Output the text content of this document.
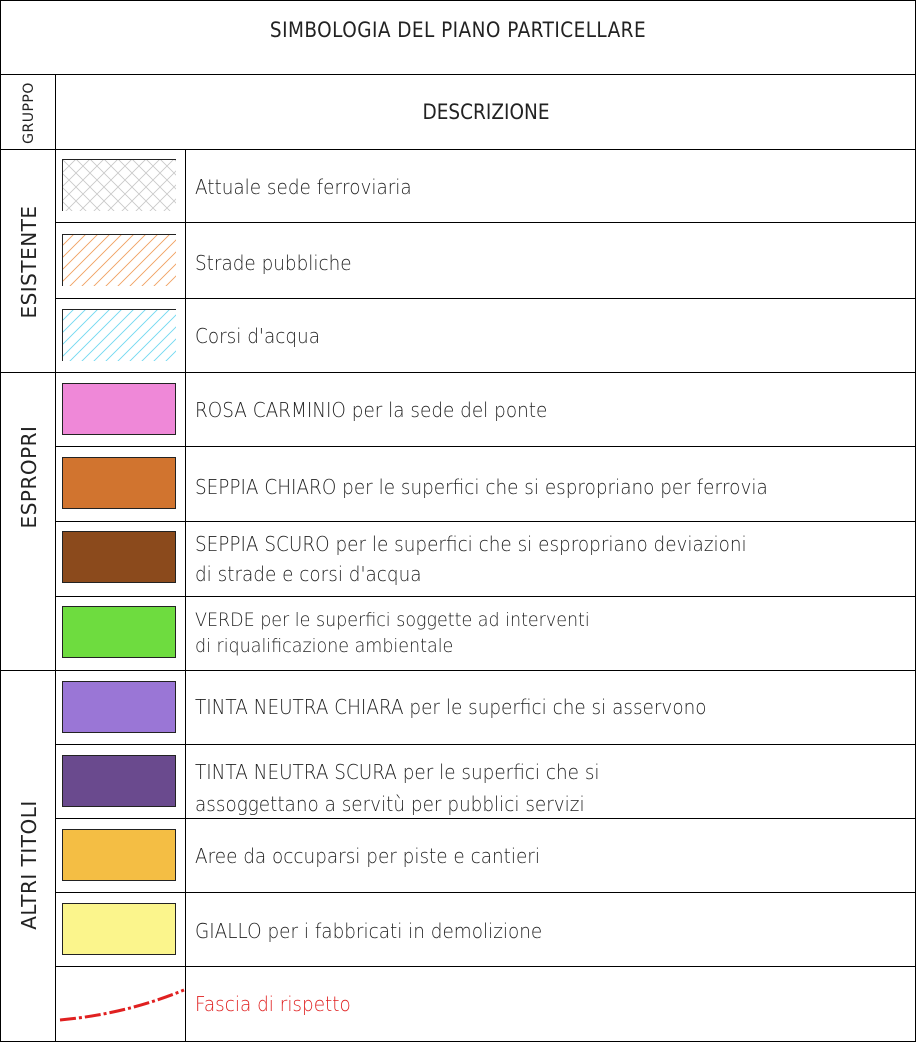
SIMBOLOGIA DEL PIANO PARTICELLARE
GRUPPO	DESCRIZIONE
ESISTENTE
ESPROPRI
ALTRI TITOLI
Attuale sede ferroviaria
Strade pubbliche
Corsi d'acqua
ROSA CARMINIO per la sede del ponte
SEPPIA CHIARO per le superfici che si espropriano per ferrovia
SEPPIA SCURO per le superfici che si espropriano deviazioni
di strade e corsi d'acqua
VERDE per le superfici soggette ad interventi
di riqualificazione ambientale
TINTA NEUTRA CHIARA per le superfici che si asservono
TINTA NEUTRA SCURA per le superfici che si
assoggettano a servitù per pubblici servizi
Aree da occuparsi per piste e cantieri
GIALLO per i fabbricati in demolizione
Fascia di rispetto
